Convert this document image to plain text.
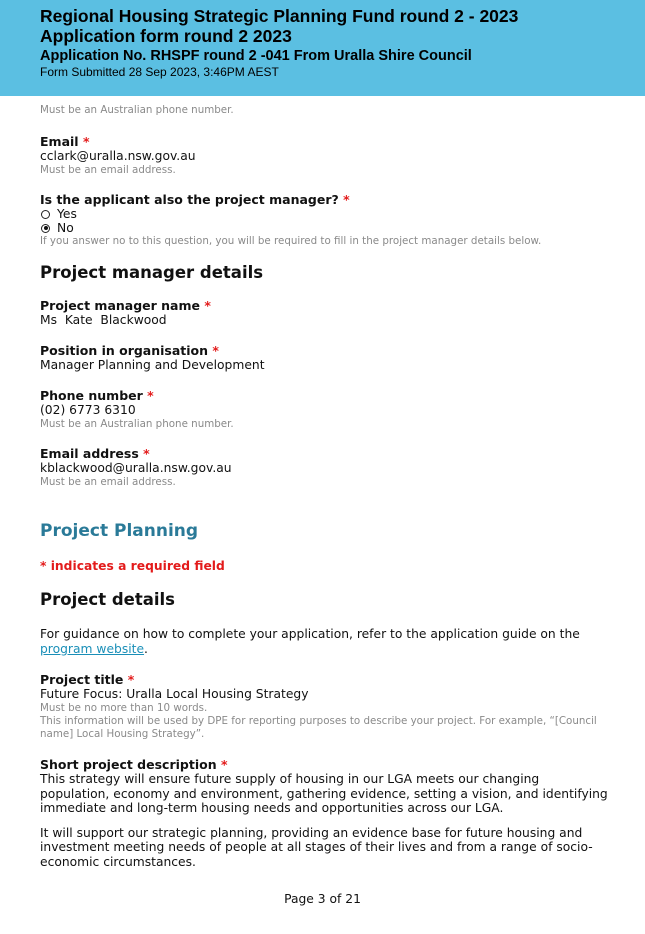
Regional Housing Strategic Planning Fund round 2 - 2023
Application form round 2 2023
Application No. RHSPF round 2 -041 From Uralla Shire Council
Form Submitted 28 Sep 2023, 3:46PM AEST
Must be an Australian phone number.
Email *
cclark@uralla.nsw.gov.au
Must be an email address.
Is the applicant also the project manager? *
Yes
No
If you answer no to this question, you will be required to fill in the project manager details below.
Project manager details
Project manager name *
Ms  Kate  Blackwood
Position in organisation *
Manager Planning and Development
Phone number *
(02) 6773 6310
Must be an Australian phone number.
Email address *
kblackwood@uralla.nsw.gov.au
Must be an email address.
Project Planning
* indicates a required field
Project details
For guidance on how to complete your application, refer to the application guide on the program website.
Project title *
Future Focus: Uralla Local Housing Strategy
Must be no more than 10 words.
This information will be used by DPE for reporting purposes to describe your project. For example, “[Council name] Local Housing Strategy”.
Short project description *
This strategy will ensure future supply of housing in our LGA meets our changing population, economy and environment, gathering evidence, setting a vision, and identifying immediate and long-term housing needs and opportunities across our LGA.
It will support our strategic planning, providing an evidence base for future housing and investment meeting needs of people at all stages of their lives and from a range of socio-economic circumstances.
Page 3 of 21
